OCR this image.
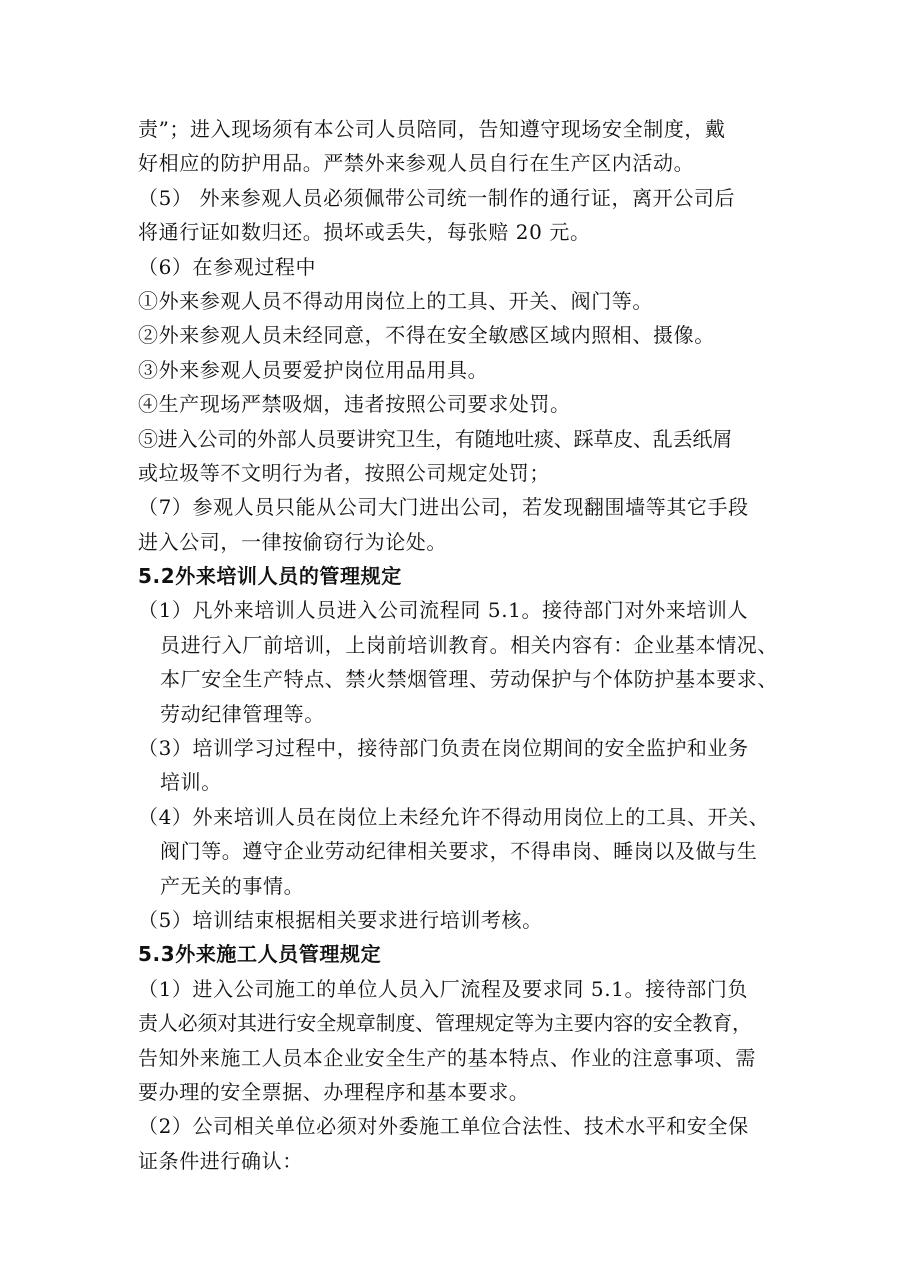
责”；进入现场须有本公司人员陪同，告知遵守现场安全制度，戴
好相应的防护用品。严禁外来参观人员自行在生产区内活动。
（5） 外来参观人员必须佩带公司统一制作的通行证，离开公司后
将通行证如数归还。损坏或丢失，每张赔 20 元。
（6）在参观过程中
①外来参观人员不得动用岗位上的工具、开关、阀门等。
②外来参观人员未经同意，不得在安全敏感区域内照相、摄像。
③外来参观人员要爱护岗位用品用具。
④生产现场严禁吸烟，违者按照公司要求处罚。
⑤进入公司的外部人员要讲究卫生，有随地吐痰、踩草皮、乱丢纸屑
或垃圾等不文明行为者，按照公司规定处罚；
（7）参观人员只能从公司大门进出公司，若发现翻围墙等其它手段
进入公司，一律按偷窃行为论处。
5.2外来培训人员的管理规定
（1）凡外来培训人员进入公司流程同 5.1。接待部门对外来培训人
员进行入厂前培训，上岗前培训教育。相关内容有：企业基本情况、
本厂安全生产特点、禁火禁烟管理、劳动保护与个体防护基本要求、
劳动纪律管理等。
（3）培训学习过程中，接待部门负责在岗位期间的安全监护和业务
培训。
（4）外来培训人员在岗位上未经允许不得动用岗位上的工具、开关、
阀门等。遵守企业劳动纪律相关要求，不得串岗、睡岗以及做与生
产无关的事情。
（5）培训结束根据相关要求进行培训考核。
5.3外来施工人员管理规定
（1）进入公司施工的单位人员入厂流程及要求同 5.1。接待部门负
责人必须对其进行安全规章制度、管理规定等为主要内容的安全教育，
告知外来施工人员本企业安全生产的基本特点、作业的注意事项、需
要办理的安全票据、办理程序和基本要求。
（2）公司相关单位必须对外委施工单位合法性、技术水平和安全保
证条件进行确认：
